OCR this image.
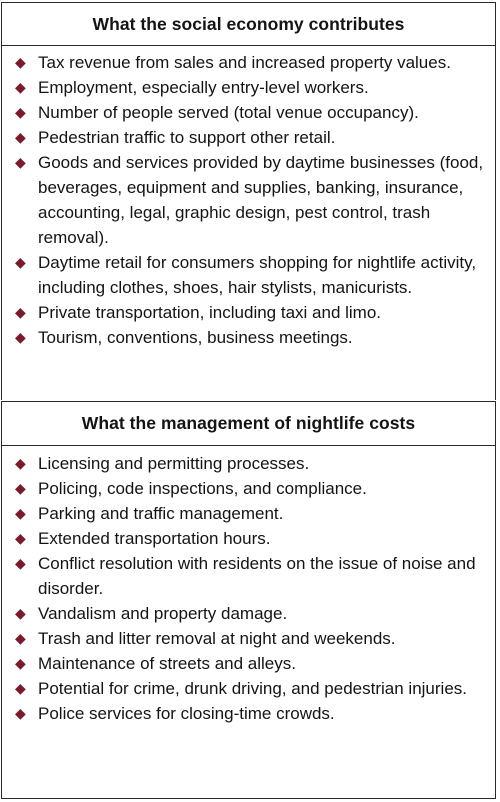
What the social economy contributes
◆ Tax revenue from sales and increased property values.
◆ Employment, especially entry-level workers.
◆ Number of people served (total venue occupancy).
◆ Pedestrian traffic to support other retail.
◆ Goods and services provided by daytime businesses (food, beverages, equipment and supplies, banking, insurance, accounting, legal, graphic design, pest control, trash removal).
◆ Daytime retail for consumers shopping for nightlife activity, including clothes, shoes, hair stylists, manicurists.
◆ Private transportation, including taxi and limo.
◆ Tourism, conventions, business meetings.
What the management of nightlife costs
◆ Licensing and permitting processes.
◆ Policing, code inspections, and compliance.
◆ Parking and traffic management.
◆ Extended transportation hours.
◆ Conflict resolution with residents on the issue of noise and disorder.
◆ Vandalism and property damage.
◆ Trash and litter removal at night and weekends.
◆ Maintenance of streets and alleys.
◆ Potential for crime, drunk driving, and pedestrian injuries.
◆ Police services for closing-time crowds.
